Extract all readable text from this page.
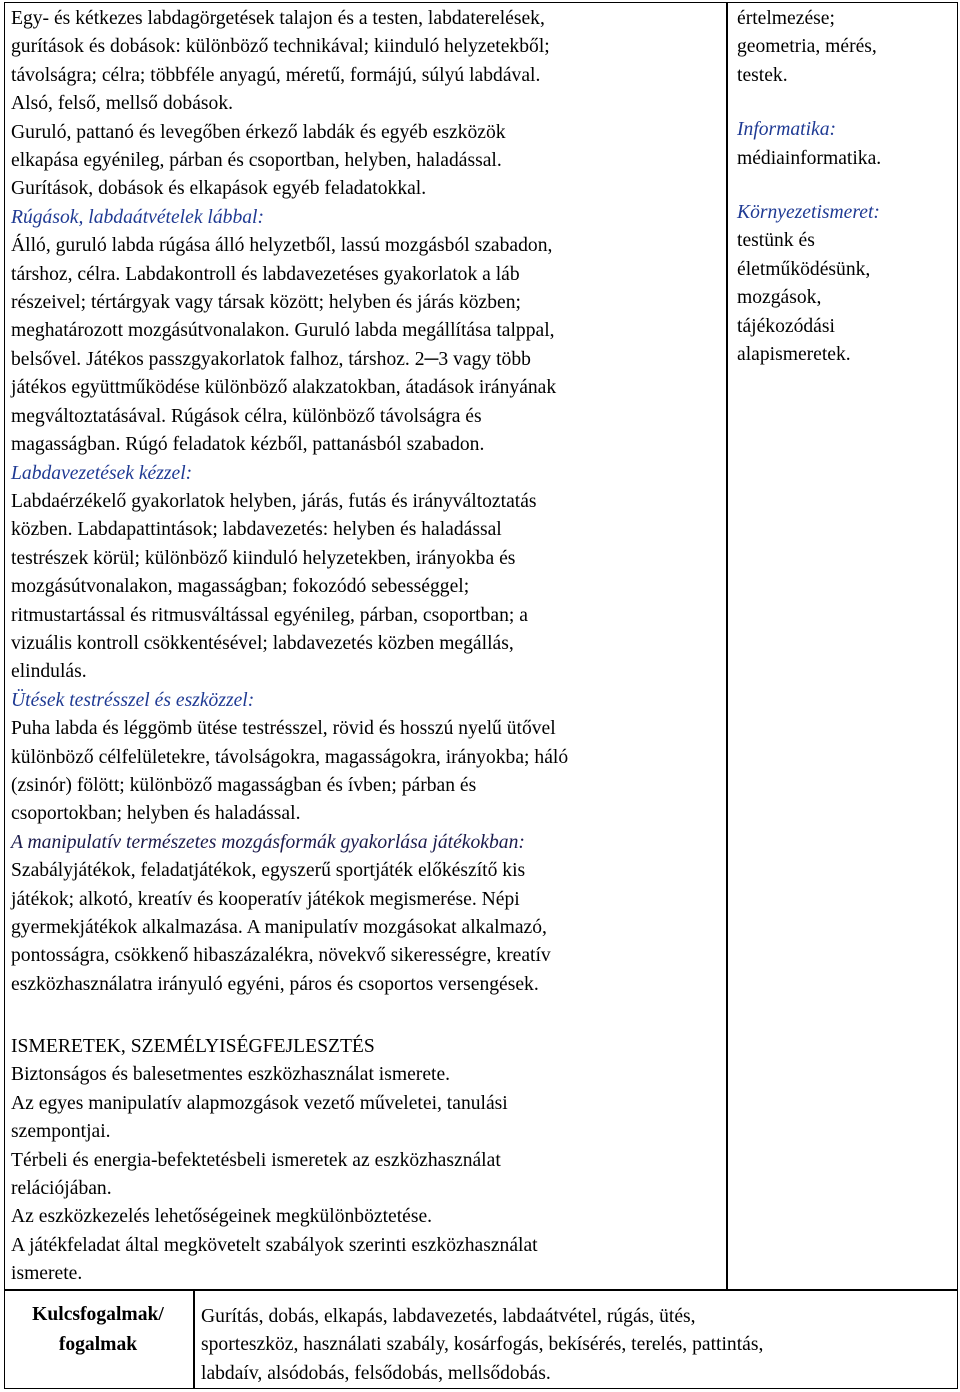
Egy- és kétkezes labdagörgetések talajon és a testen, labdaterelések,

gurítások és dobások: különböző technikával; kiinduló helyzetekből;

távolságra; célra; többféle anyagú, méretű, formájú, súlyú labdával.

Alsó, felső, mellső dobások.

Guruló, pattanó és levegőben érkező labdák és egyéb eszközök

elkapása egyénileg, párban és csoportban, helyben, haladással.

Gurítások, dobások és elkapások egyéb feladatokkal.

Rúgások, labdaátvételek lábbal:

Álló, guruló labda rúgása álló helyzetből, lassú mozgásból szabadon,

társhoz, célra. Labdakontroll és labdavezetéses gyakorlatok a láb

részeivel; tértárgyak vagy társak között; helyben és járás közben;

meghatározott mozgásútvonalakon. Guruló labda megállítása talppal,

belsővel. Játékos passzgyakorlatok falhoz, társhoz. 2─3 vagy több

játékos együttműködése különböző alakzatokban, átadások irányának

megváltoztatásával. Rúgások célra, különböző távolságra és

magasságban. Rúgó feladatok kézből, pattanásból szabadon.

Labdavezetések kézzel:

Labdaérzékelő gyakorlatok helyben, járás, futás és irányváltoztatás

közben. Labdapattintások; labdavezetés: helyben és haladással

testrészek körül; különböző kiinduló helyzetekben, irányokba és

mozgásútvonalakon, magasságban; fokozódó sebességgel;

ritmustartással és ritmusváltással egyénileg, párban, csoportban; a

vizuális kontroll csökkentésével; labdavezetés közben megállás,

elindulás.

Ütések testrésszel és eszközzel:

Puha labda és léggömb ütése testrésszel, rövid és hosszú nyelű ütővel

különböző célfelületekre, távolságokra, magasságokra, irányokba; háló

(zsinór) fölött; különböző magasságban és ívben; párban és

csoportokban; helyben és haladással.

A manipulatív természetes mozgásformák gyakorlása játékokban:

Szabályjátékok, feladatjátékok, egyszerű sportjáték előkészítő kis

játékok; alkotó, kreatív és kooperatív játékok megismerése. Népi

gyermekjátékok alkalmazása. A manipulatív mozgásokat alkalmazó,

pontosságra, csökkenő hibaszázalékra, növekvő sikerességre, kreatív

eszközhasználatra irányuló egyéni, páros és csoportos versengések.

ISMERETEK, SZEMÉLYISÉGFEJLESZTÉS

Biztonságos és balesetmentes eszközhasználat ismerete.

Az egyes manipulatív alapmozgások vezető műveletei, tanulási

szempontjai.

Térbeli és energia-befektetésbeli ismeretek az eszközhasználat

relációjában.

Az eszközkezelés lehetőségeinek megkülönböztetése.

A játékfeladat által megkövetelt szabályok szerinti eszközhasználat

ismerete.

értelmezése;

geometria, mérés,

testek.

Informatika:

médiainformatika.

Környezetismeret:

testünk és

életműködésünk,

mozgások,

tájékozódási

alapismeretek.

Kulcsfogalmak/
fogalmak
Gurítás, dobás, elkapás, labdavezetés, labdaátvétel, rúgás, ütés,
sporteszköz, használati szabály, kosárfogás, bekísérés, terelés, pattintás,
labdaív, alsódobás, felsődobás, mellsődobás.
